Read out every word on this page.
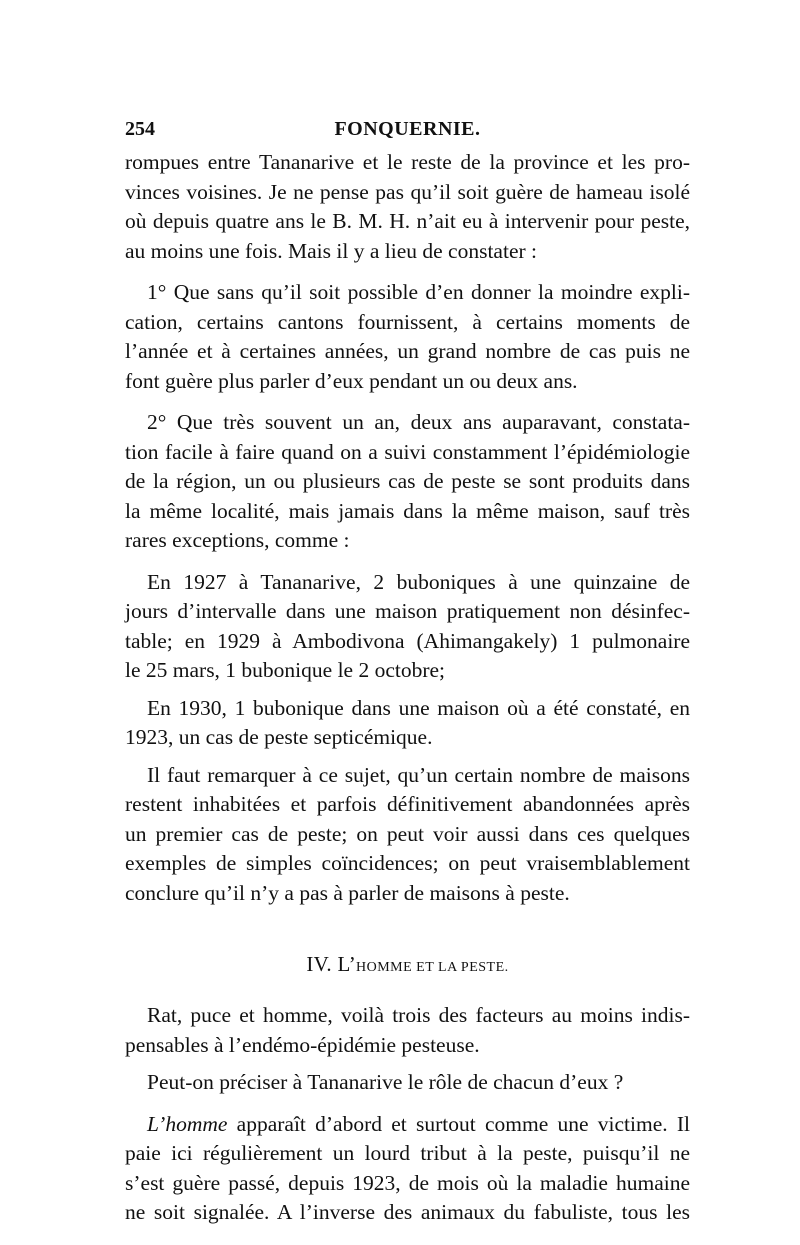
254	FONQUERNIE.

rompues entre Tananarive et le reste de la province et les pro-
vinces voisines. Je ne pense pas qu’il soit guère de hameau isolé
où depuis quatre ans le B. M. H. n’ait eu à intervenir pour peste,
au moins une fois. Mais il y a lieu de constater :

1° Que sans qu’il soit possible d’en donner la moindre expli-
cation, certains cantons fournissent, à certains moments de
l’année et à certaines années, un grand nombre de cas puis ne
font guère plus parler d’eux pendant un ou deux ans.

2° Que très souvent un an, deux ans auparavant, constata-
tion facile à faire quand on a suivi constamment l’épidémiologie
de la région, un ou plusieurs cas de peste se sont produits dans
la même localité, mais jamais dans la même maison, sauf très
rares exceptions, comme :

En 1927 à Tananarive, 2 buboniques à une quinzaine de
jours d’intervalle dans une maison pratiquement non désinfec-
table; en 1929 à Ambodivona (Ahimangakely) 1 pulmonaire
le 25 mars, 1 bubonique le 2 octobre;

En 1930, 1 bubonique dans une maison où a été constaté, en
1923, un cas de peste septicémique.

Il faut remarquer à ce sujet, qu’un certain nombre de maisons
restent inhabitées et parfois définitivement abandonnées après
un premier cas de peste; on peut voir aussi dans ces quelques
exemples de simples coïncidences; on peut vraisemblablement
conclure qu’il n’y a pas à parler de maisons à peste.

IV. L’HOMME ET LA PESTE.

Rat, puce et homme, voilà trois des facteurs au moins indis-
pensables à l’endémo-épidémie pesteuse.

Peut-on préciser à Tananarive le rôle de chacun d’eux ?

L’homme apparaît d’abord et surtout comme une victime. Il
paie ici régulièrement un lourd tribut à la peste, puisqu’il ne
s’est guère passé, depuis 1923, de mois où la maladie humaine
ne soit signalée. A l’inverse des animaux du fabuliste, tous les
